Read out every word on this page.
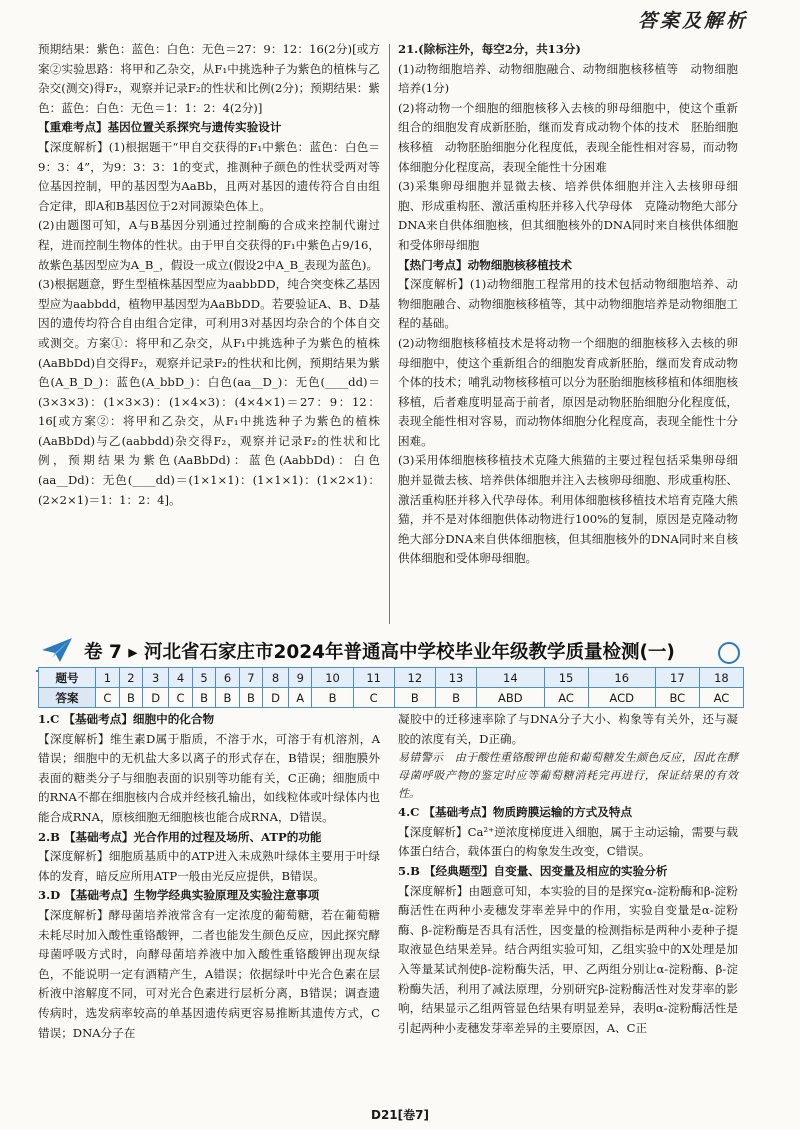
答案及解析

预期结果：紫色：蓝色：白色：无色＝27：9：12：16(2分)[或方案②实验思路：将甲和乙杂交，从F₁中挑选种子为紫色的植株与乙杂交(测交)得F₂，观察并记录F₂的性状和比例(2分)；预期结果：紫色：蓝色：白色：无色＝1：1：2：4(2分)]

【重难考点】基因位置关系探究与遗传实验设计

【深度解析】(1)根据题干“甲自交获得的F₁中紫色：蓝色：白色＝9：3：4”，为9：3：3：1的变式，推测种子颜色的性状受两对等位基因控制，甲的基因型为AaBb，且两对基因的遗传符合自由组合定律，即A和B基因位于2对同源染色体上。

(2)由题图可知，A与B基因分别通过控制酶的合成来控制代谢过程，进而控制生物体的性状。由于甲自交获得的F₁中紫色占9/16，故紫色基因型应为A_B_，假设一成立(假设2中A_B_表现为蓝色)。

(3)根据题意，野生型植株基因型应为aabbDD，纯合突变株乙基因型应为aabbdd，植物甲基因型为AaBbDD。若要验证A、B、D基因的遗传均符合自由组合定律，可利用3对基因均杂合的个体自交或测交。方案①：将甲和乙杂交，从F₁中挑选种子为紫色的植株(AaBbDd)自交得F₂，观察并记录F₂的性状和比例，预期结果为紫色(A_B_D_)：蓝色(A_bbD_)：白色(aa__D_)：无色(____dd)＝(3×3×3)：(1×3×3)：(1×4×3)：(4×4×1)＝27：9：12：16[或方案②：将甲和乙杂交，从F₁中挑选种子为紫色的植株(AaBbDd)与乙(aabbdd)杂交得F₂，观察并记录F₂的性状和比例，预期结果为紫色(AaBbDd)：蓝色(AabbDd)：白色(aa__Dd)：无色(____dd)＝(1×1×1)：(1×1×1)：(1×2×1)：(2×2×1)＝1：1：2：4]。

21.(除标注外，每空2分，共13分)

(1)动物细胞培养、动物细胞融合、动物细胞核移植等　动物细胞培养(1分)

(2)将动物一个细胞的细胞核移入去核的卵母细胞中，使这个重新组合的细胞发育成新胚胎，继而发育成动物个体的技术　胚胎细胞核移植　动物胚胎细胞分化程度低，表现全能性相对容易，而动物体细胞分化程度高，表现全能性十分困难

(3)采集卵母细胞并显微去核、培养供体细胞并注入去核卵母细胞、形成重构胚、激活重构胚并移入代孕母体　克隆动物绝大部分DNA来自供体细胞核，但其细胞核外的DNA同时来自核供体细胞和受体卵母细胞

【热门考点】动物细胞核移植技术

【深度解析】(1)动物细胞工程常用的技术包括动物细胞培养、动物细胞融合、动物细胞核移植等，其中动物细胞培养是动物细胞工程的基础。

(2)动物细胞核移植技术是将动物一个细胞的细胞核移入去核的卵母细胞中，使这个重新组合的细胞发育成新胚胎，继而发育成动物个体的技术；哺乳动物核移植可以分为胚胎细胞核移植和体细胞核移植，后者难度明显高于前者，原因是动物胚胎细胞分化程度低，表现全能性相对容易，而动物体细胞分化程度高，表现全能性十分困难。

(3)采用体细胞核移植技术克隆大熊猫的主要过程包括采集卵母细胞并显微去核、培养供体细胞并注入去核卵母细胞、形成重构胚、激活重构胚并移入代孕母体。利用体细胞核移植技术培育克隆大熊猫，并不是对体细胞供体动物进行100%的复制，原因是克隆动物绝大部分DNA来自供体细胞核，但其细胞核外的DNA同时来自核供体细胞和受体卵母细胞。

卷 7 ▸ 河北省石家庄市2024年普通高中学校毕业年级教学质量检测(一)
题号	1	2	3	4	5	6	7	8	9	10	11	12	13	14	15	16	17	18
答案	C	B	D	C	B	B	B	D	A	B	C	B	B	ABD	AC	ACD	BC	AC

1.C 【基础考点】细胞中的化合物

【深度解析】维生素D属于脂质，不溶于水，可溶于有机溶剂，A错误；细胞中的无机盐大多以离子的形式存在，B错误；细胞膜外表面的糖类分子与细胞表面的识别等功能有关，C正确；细胞质中的RNA不都在细胞核内合成并经核孔输出，如线粒体或叶绿体内也能合成RNA，原核细胞无细胞核也能合成RNA，D错误。

2.B 【基础考点】光合作用的过程及场所、ATP的功能

【深度解析】细胞质基质中的ATP进入未成熟叶绿体主要用于叶绿体的发育，暗反应所用ATP一般由光反应提供，B错误。

3.D 【基础考点】生物学经典实验原理及实验注意事项

【深度解析】酵母菌培养液常含有一定浓度的葡萄糖，若在葡萄糖未耗尽时加入酸性重铬酸钾，二者也能发生颜色反应，因此探究酵母菌呼吸方式时，向酵母菌培养液中加入酸性重铬酸钾出现灰绿色，不能说明一定有酒精产生，A错误；依据绿叶中光合色素在层析液中溶解度不同，可对光合色素进行层析分离，B错误；调查遗传病时，选发病率较高的单基因遗传病更容易推断其遗传方式，C错误；DNA分子在

凝胶中的迁移速率除了与DNA分子大小、构象等有关外，还与凝胶的浓度有关，D正确。

易错警示　由于酸性重铬酸钾也能和葡萄糖发生颜色反应，因此在酵母菌呼吸产物的鉴定时应等葡萄糖消耗完再进行，保证结果的有效性。

4.C 【基础考点】物质跨膜运输的方式及特点

【深度解析】Ca²⁺逆浓度梯度进入细胞，属于主动运输，需要与载体蛋白结合，载体蛋白的构象发生改变，C错误。

5.B 【经典题型】自变量、因变量及相应的实验分析

【深度解析】由题意可知，本实验的目的是探究α-淀粉酶和β-淀粉酶活性在两种小麦穗发芽率差异中的作用，实验自变量是α-淀粉酶、β-淀粉酶是否具有活性，因变量的检测指标是两种小麦种子提取液显色结果差异。结合两组实验可知，乙组实验中的X处理是加入等量某试剂使β-淀粉酶失活，甲、乙两组分别让α-淀粉酶、β-淀粉酶失活，利用了减法原理，分别研究β-淀粉酶活性对发芽率的影响，结果显示乙组两管显色结果有明显差异，表明α-淀粉酶活性是引起两种小麦穗发芽率差异的主要原因，A、C正

D21[卷7]
